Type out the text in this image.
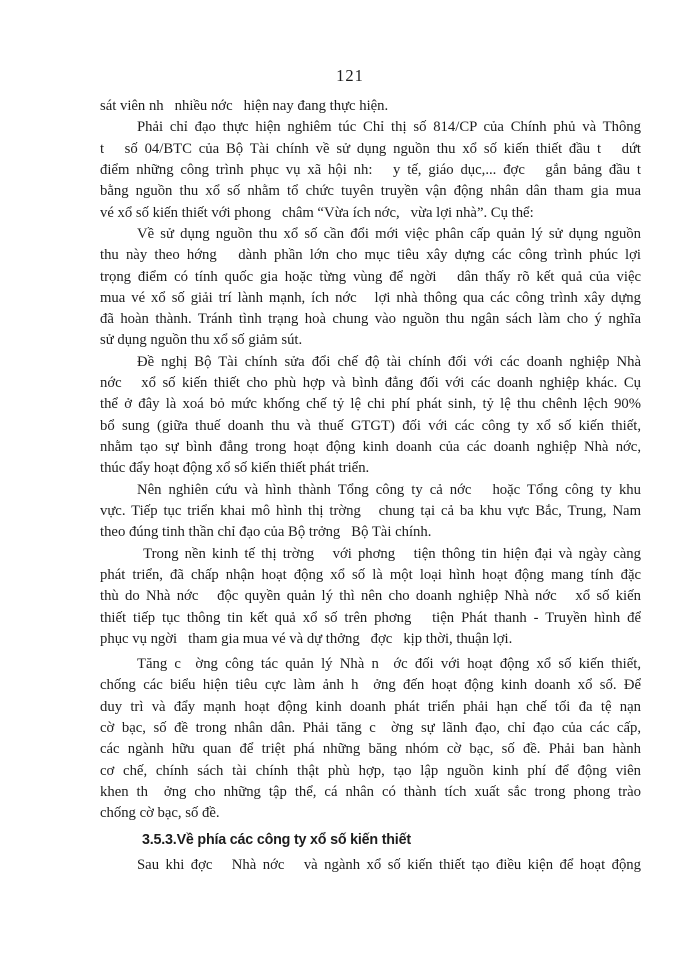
121
sát viên nh   nhiều nớc   hiện nay đang thực hiện.
Phải chỉ đạo thực hiện nghiêm túc Chỉ thị số 814/CP của Chính phủ và Thông
t   số 04/BTC của Bộ Tài chính về sử dụng nguồn thu xổ số kiến thiết đầu t   dứt
điểm những công trình phục vụ xã hội nh:   y tế, giáo dục,... đợc   gắn bảng đầu t
bằng nguồn thu xổ số nhằm tổ chức tuyên truyền vận động nhân dân tham gia mua
vé xổ số kiến thiết với phong   châm “Vừa ích nớc,   vừa lợi nhà”. Cụ thể:
Về sử dụng nguồn thu xổ số cần đổi mới việc phân cấp quản lý sử dụng nguồn
thu này theo hớng   dành phần lớn cho mục tiêu xây dựng các công trình phúc lợi
trọng điểm có tính quốc gia hoặc từng vùng để ngời   dân thấy rõ kết quả của việc
mua vé xổ số giải trí lành mạnh, ích nớc   lợi nhà thông qua các công trình xây dựng
đã hoàn thành. Tránh tình trạng hoà chung vào nguồn thu ngân sách làm cho ý nghĩa
sử dụng nguồn thu xổ số giảm sút.
Đề nghị Bộ Tài chính sửa đổi chế độ tài chính đối với các doanh nghiệp Nhà
nớc   xổ số kiến thiết cho phù hợp và bình đẳng đối với các doanh nghiệp khác. Cụ
thể ở đây là xoá bỏ mức khống chế tỷ lệ chi phí phát sinh, tỷ lệ thu chênh lệch 90%
bổ sung (giữa thuế doanh thu và thuế GTGT) đối với các công ty xổ số kiến thiết,
nhằm tạo sự bình đẳng trong hoạt động kinh doanh của các doanh nghiệp Nhà nớc,
thúc đẩy hoạt động xổ số kiến thiết phát triển.
Nên nghiên cứu và hình thành Tổng công ty cả nớc   hoặc Tổng công ty khu
vực. Tiếp tục triển khai mô hình thị trờng   chung tại cả ba khu vực Bắc, Trung, Nam
theo đúng tinh thần chỉ đạo của Bộ trởng   Bộ Tài chính.
Trong nền kinh tế thị trờng   với phơng   tiện thông tin hiện đại và ngày càng
phát triển, đã chấp nhận hoạt động xổ số là một loại hình hoạt động mang tính đặc
thù do Nhà nớc   độc quyền quản lý thì nên cho doanh nghiệp Nhà nớc   xổ số kiến
thiết tiếp tục thông tin kết quả xổ số trên phơng   tiện Phát thanh - Truyền hình để
phục vụ ngời   tham gia mua vé và dự thởng   đợc   kịp thời, thuận lợi.
Tăng c  ờng công tác quản lý Nhà n  ớc đối với hoạt động xổ số kiến thiết,
chống các biểu hiện tiêu cực làm ảnh h  ởng đến hoạt động kinh doanh xổ số. Để
duy trì và đẩy mạnh hoạt động kinh doanh phát triển phải hạn chế tối đa tệ nạn
cờ bạc, số đề trong nhân dân. Phải tăng c  ờng sự lãnh đạo, chỉ đạo của các cấp,
các ngành hữu quan để triệt phá những băng nhóm cờ bạc, số đề. Phải ban hành
cơ chế, chính sách tài chính thật phù hợp, tạo lập nguồn kinh phí để động viên
khen th  ởng cho những tập thể, cá nhân có thành tích xuất sắc trong phong trào
chống cờ bạc, số đề.
3.5.3.Về phía các công ty xổ số kiến thiết
Sau khi đợc   Nhà nớc   và ngành xổ số kiến thiết tạo điều kiện để hoạt động
